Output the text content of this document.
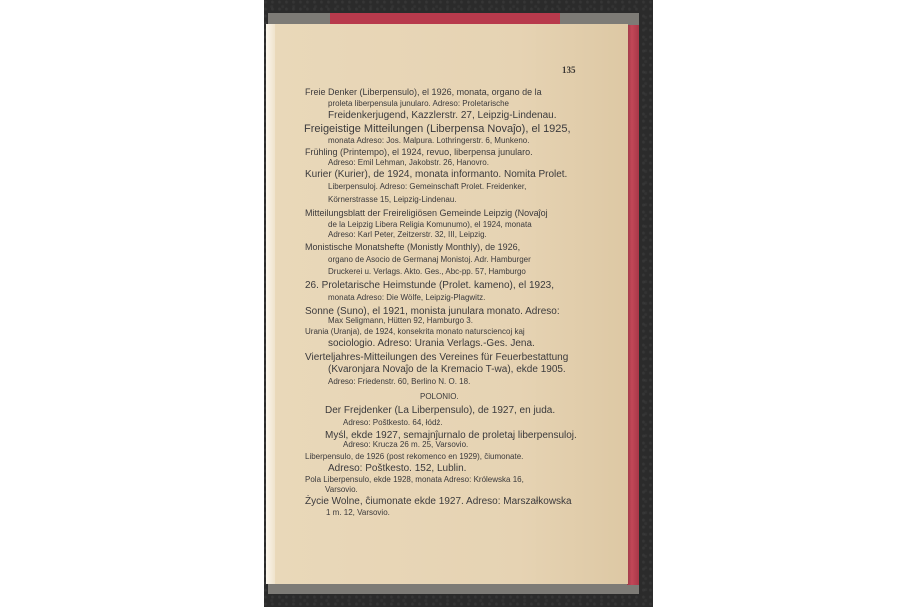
135
Freie Denker (Liberpensulo), el 1926, monata, organo de la
proleta liberpensula junularo. Adreso: Proletarische
Freidenkerjugend, Kazzlerstr. 27, Leipzig-Lindenau.
Freigeistige Mitteilungen (Liberpensa Novaĵo), el 1925,
monata Adreso: Jos. Malpura. Lothringerstr. 6, Munkeno.
Frühling (Printempo), el 1924, revuo, liberpensa junularo.
Adreso: Emil Lehman, Jakobstr. 26, Hanovro.
Kurier (Kurier), de 1924, monata informanto. Nomita Prolet.
Liberpensuloj. Adreso: Gemeinschaft Prolet. Freidenker,
Körnerstrasse 15, Leipzig-Lindenau.
Mitteilungsblatt der Freireligiösen Gemeinde Leipzig (Novaĵoj
de la Leipzig Libera Religia Komunumo), el 1924, monata
Adreso: Karl Peter, Zeitzerstr. 32, III, Leipzig.
Monistische Monatshefte (Monistly Monthly), de 1926,
organo de Asocio de Germanaj Monistoj. Adr. Hamburger
Druckerei u. Verlags. Akto. Ges., Abc-pp. 57, Hamburgo
26. Proletarische Heimstunde (Prolet. kameno), el 1923,
monata Adreso: Die Wölfe, Leipzig-Plagwitz.
Sonne (Suno), el 1921, monista junulara monato. Adreso:
Max Seligmann, Hütten 92, Hamburgo 3.
Urania (Uranja), de 1924, konsekrita monato natursciencoj kaj
sociologio. Adreso: Urania Verlags.-Ges. Jena.
Vierteljahres-Mitteilungen des Vereines für Feuerbestattung
(Kvaronjara Novaĵo de la Kremacio T-wa), ekde 1905.
Adreso: Friedenstr. 60, Berlino N. O. 18.
POLONIO.
Der Frejdenker (La Liberpensulo), de 1927, en juda.
Adreso: Poštkesto. 64, łódż.
Myśl, ekde 1927, semajnĵurnalo de proletaj liberpensuloj.
Adreso: Krucza 26 m. 25, Varsovio.
Liberpensulo, de 1926 (post rekomenco en 1929), ĉiumonate.
Adreso: Poštkesto. 152, Lublin.
Pola Liberpensulo, ekde 1928, monata Adreso: Królewska 16,
Varsovio.
Życie Wolne, ĉiumonate ekde 1927. Adreso: Marszałkowska
1 m. 12, Varsovio.
